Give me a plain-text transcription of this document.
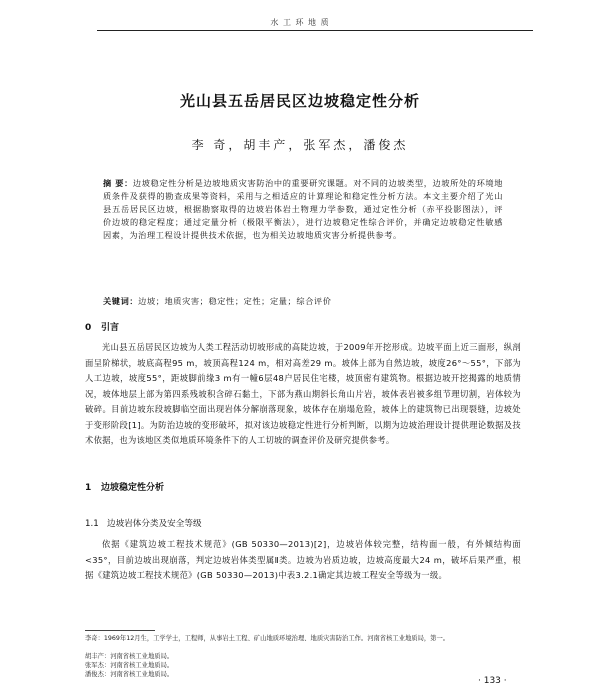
水 工 环 地 质
光山县五岳居民区边坡稳定性分析
李 奇，胡丰产，张军杰，潘俊杰
摘 要：边坡稳定性分析是边坡地质灾害防治中的重要研究课题。对不同的边坡类型，边坡所处的环境地质条件及获得的勘查成果等资料，采用与之相适应的计算理论和稳定性分析方法。本文主要介绍了光山县五岳居民区边坡，根据勘察取得的边坡岩体岩土物理力学参数，通过定性分析（赤平投影图法），评价边坡的稳定程度；通过定量分析（极限平衡法），进行边坡稳定性综合评价，并确定边坡稳定性敏感因素，为治理工程设计提供技术依据，也为相关边坡地质灾害分析提供参考。
关键词：边坡；地质灾害；稳定性；定性；定量；综合评价
0 引言
光山县五岳居民区边坡为人类工程活动切坡形成的高陡边坡，于2009年开挖形成。边坡平面上近三面形，纵剖面呈阶梯状，坡底高程95 m，坡顶高程124 m，相对高差29 m。坡体上部为自然边坡，坡度26°～55°，下部为人工边坡，坡度55°，距坡脚前缘3 m有一幢6层48户居民住宅楼，坡顶密有建筑物。根据边坡开挖揭露的地质情况，坡体地层上部为第四系残坡积含碎石黏土，下部为燕山期斜长角山片岩，坡体表岩被多组节理切割，岩体较为破碎。目前边坡东段坡脚临空面出现岩体分解崩落现象，坡体存在崩塌危险，坡体上的建筑物已出现裂缝，边坡处于变形阶段[1]。为防治边坡的变形破坏，拟对该边坡稳定性进行分析判断，以期为边坡治理设计提供理论数据及技术依据，也为该地区类似地质环境条件下的人工切坡的调查评价及研究提供参考。
1 边坡稳定性分析
1.1 边坡岩体分类及安全等级
依据《建筑边坡工程技术规范》(GB 50330—2013)[2]，边坡岩体较完整，结构面一般，有外倾结构面<35°，目前边坡出现崩落，判定边坡岩体类型属Ⅱ类。边坡为岩质边坡，边坡高度最大24 m，破坏后果严重，根据《建筑边坡工程技术规范》(GB 50330—2013)中表3.2.1确定其边坡工程安全等级为一级。
李奇：1969年12月生，工学学士，工程师，从事岩土工程、矿山地质环境治理、地质灾害防治工作。河南省核工业地质局，第一。
胡丰产：河南省核工业地质局。
张军杰：河南省核工业地质局。
潘俊杰：河南省核工业地质局。
· 133 ·
